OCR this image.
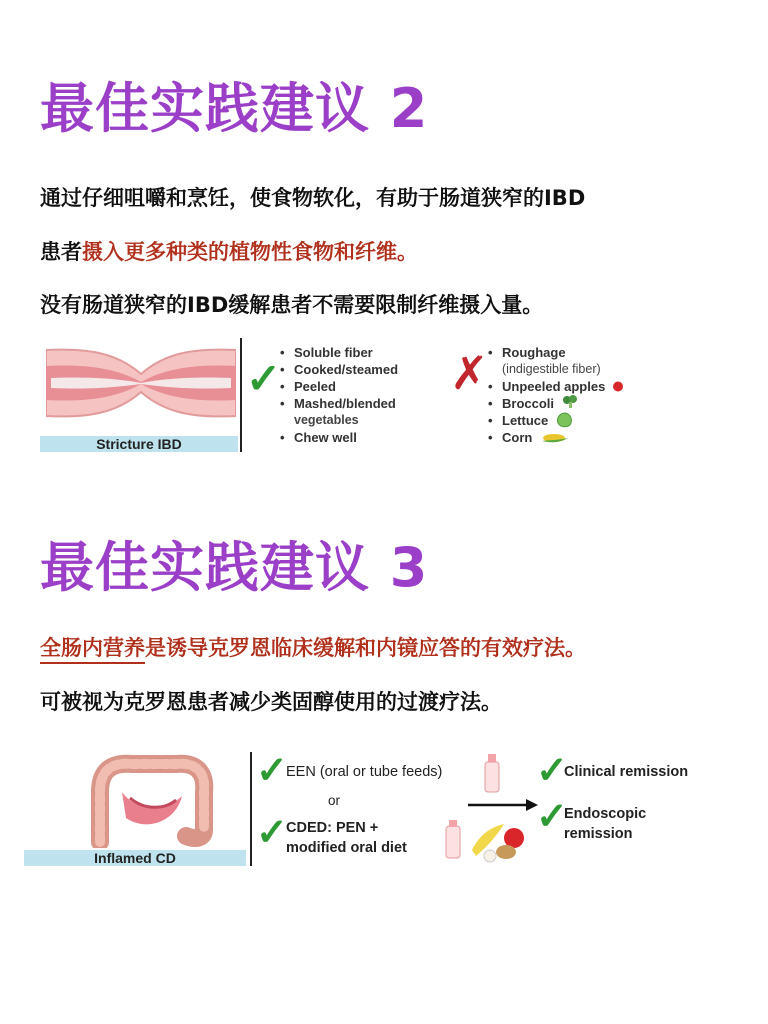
最佳实践建议 2

通过仔细咀嚼和烹饪，使食物软化，有助于肠道狭窄的IBD

患者摄入更多种类的植物性食物和纤维。

没有肠道狭窄的IBD缓解患者不需要限制纤维摄入量。

Stricture IBD
✓
• Soluble fiber
• Cooked/steamed
• Peeled
• Mashed/blended
vegetables
• Chew well
✗
•	Roughage
(indigestible fiber)
• Unpeeled apples
• Broccoli
• Lettuce
• Corn
最佳实践建议 3

全肠内营养是诱导克罗恩临床缓解和内镜应答的有效疗法。

可被视为克罗恩患者减少类固醇使用的过渡疗法。

Inflamed CD
✓
EEN (oral or tube feeds)
or
✓
CDED: PEN +
modified oral diet
✓
Clinical remission
✓
Endoscopic
remission
